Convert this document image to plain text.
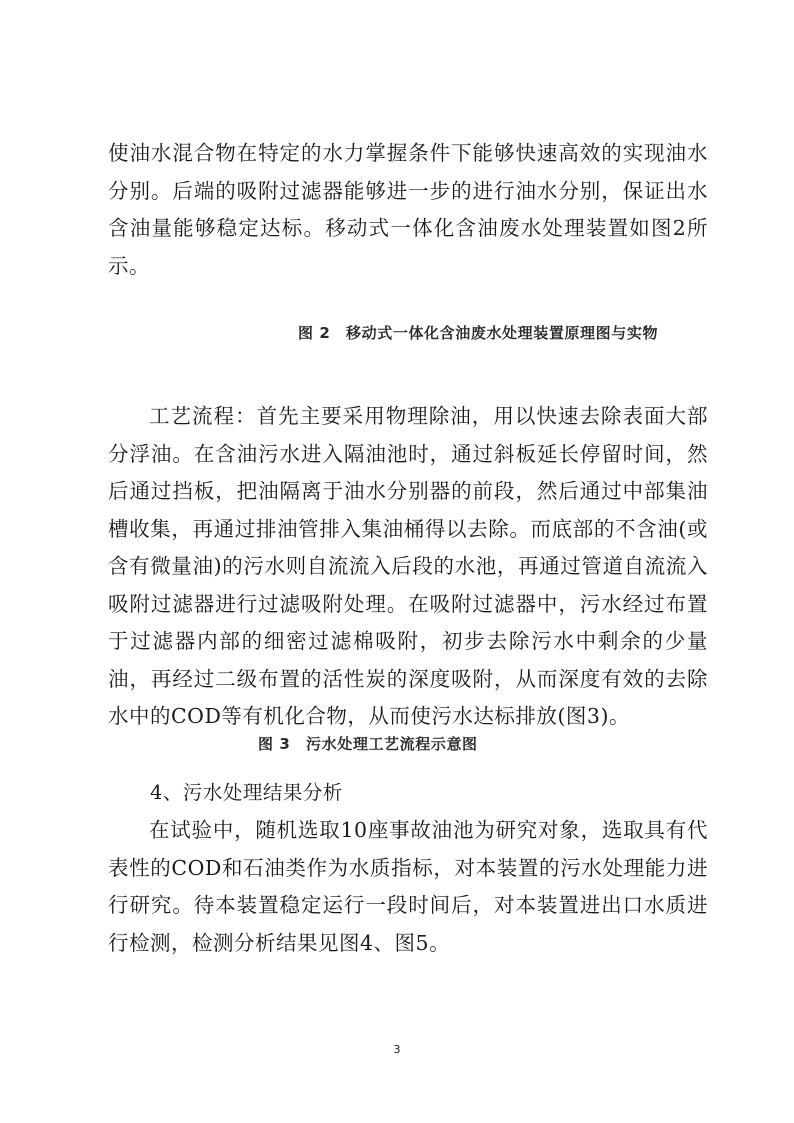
使油水混合物在特定的水力掌握条件下能够快速高效的实现油水分别。后端的吸附过滤器能够进一步的进行油水分别，保证出水含油量能够稳定达标。移动式一体化含油废水处理装置如图2所示。

图 2　移动式一体化含油废水处理装置原理图与实物

工艺流程：首先主要采用物理除油，用以快速去除表面大部分浮油。在含油污水进入隔油池时，通过斜板延长停留时间，然后通过挡板，把油隔离于油水分别器的前段，然后通过中部集油槽收集，再通过排油管排入集油桶得以去除。而底部的不含油(或含有微量油)的污水则自流流入后段的水池，再通过管道自流流入吸附过滤器进行过滤吸附处理。在吸附过滤器中，污水经过布置于过滤器内部的细密过滤棉吸附，初步去除污水中剩余的少量油，再经过二级布置的活性炭的深度吸附，从而深度有效的去除水中的COD等有机化合物，从而使污水达标排放(图3)。

图 3　污水处理工艺流程示意图

4、污水处理结果分析

在试验中，随机选取10座事故油池为研究对象，选取具有代表性的COD和石油类作为水质指标，对本装置的污水处理能力进行研究。待本装置稳定运行一段时间后，对本装置进出口水质进行检测，检测分析结果见图4、图5。

3
